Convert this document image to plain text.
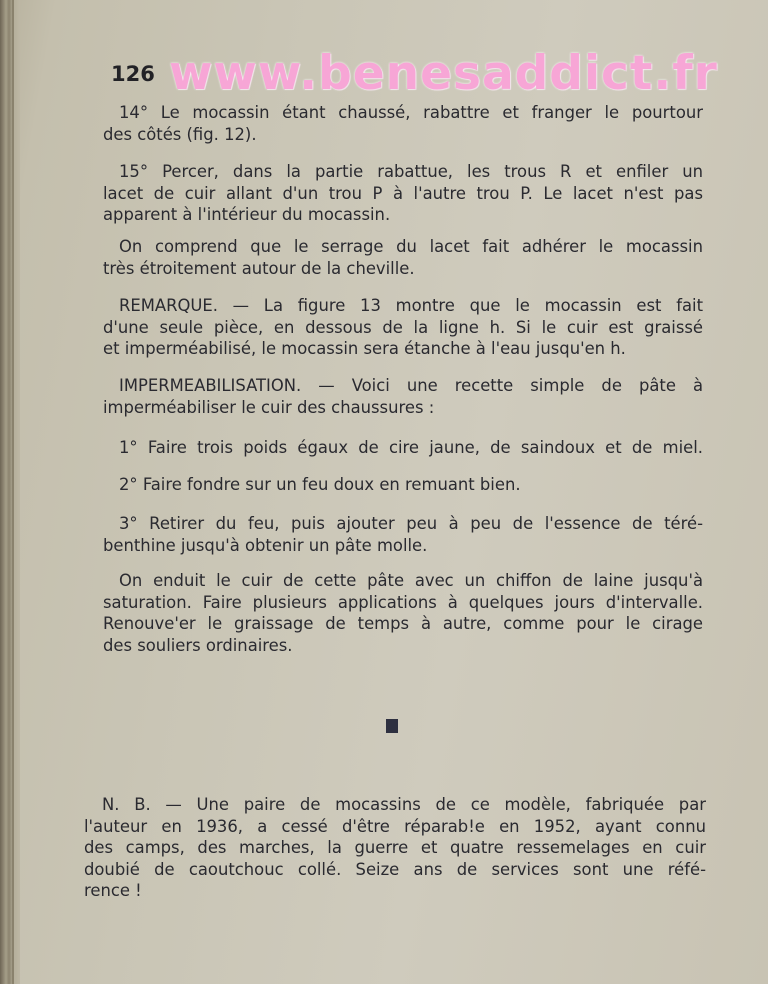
126 www.benesaddict.fr
14° Le mocassin étant chaussé, rabattre et franger le pourtour
des côtés (fig. 12).
15° Percer, dans la partie rabattue, les trous R et enfiler un
lacet de cuir allant d'un trou P à l'autre trou P. Le lacet n'est pas
apparent à l'intérieur du mocassin.
On comprend que le serrage du lacet fait adhérer le mocassin
très étroitement autour de la cheville.
REMARQUE. — La figure 13 montre que le mocassin est fait
d'une seule pièce, en dessous de la ligne h. Si le cuir est graissé
et imperméabilisé, le mocassin sera étanche à l'eau jusqu'en h.
IMPERMEABILISATION. — Voici une recette simple de pâte à
imperméabiliser le cuir des chaussures :
1° Faire trois poids égaux de cire jaune, de saindoux et de miel.
2° Faire fondre sur un feu doux en remuant bien.
3° Retirer du feu, puis ajouter peu à peu de l'essence de téré-
benthine jusqu'à obtenir un pâte molle.
On enduit le cuir de cette pâte avec un chiffon de laine jusqu'à
saturation. Faire plusieurs applications à quelques jours d'intervalle.
Renouve'er le graissage de temps à autre, comme pour le cirage
des souliers ordinaires.
N. B. — Une paire de mocassins de ce modèle, fabriquée par
l'auteur en 1936, a cessé d'être réparab!e en 1952, ayant connu
des camps, des marches, la guerre et quatre ressemelages en cuir
doubié de caoutchouc collé. Seize ans de services sont une réfé-
rence !
